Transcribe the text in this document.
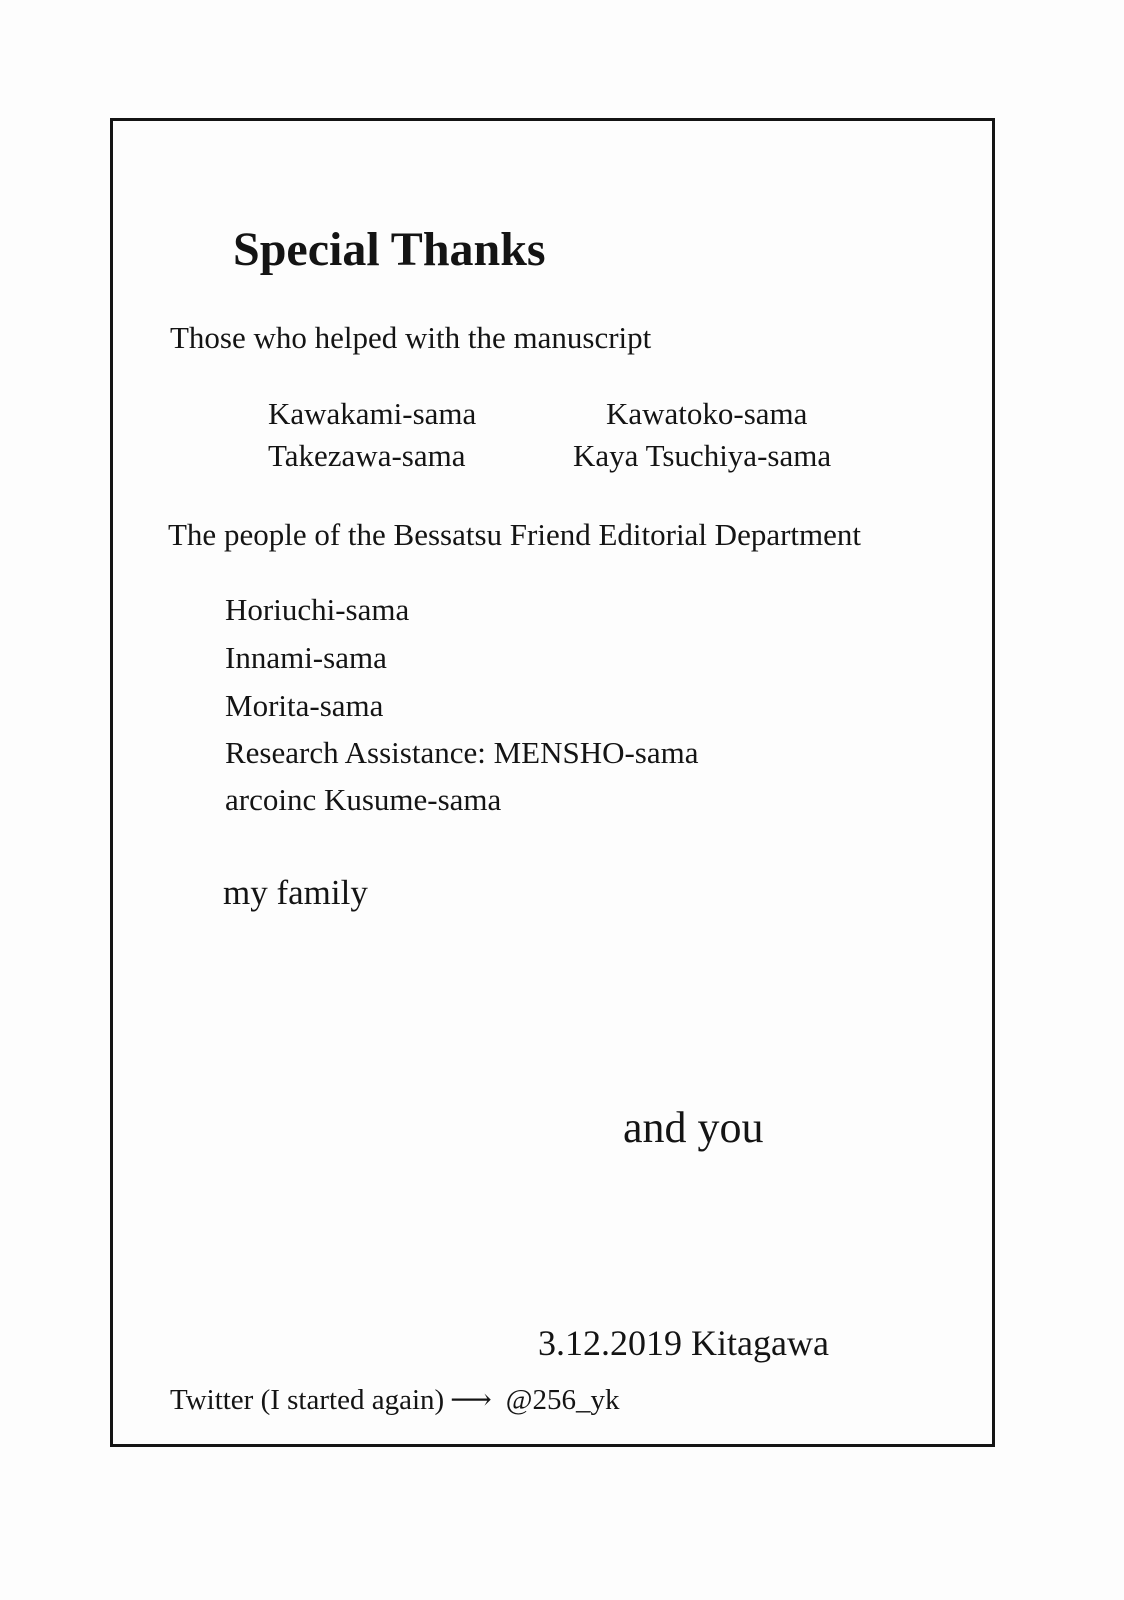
Special Thanks
Those who helped with the manuscript
Kawakami-sama	Kawatoko-sama
Takezawa-sama	Kaya Tsuchiya-sama
The people of the Bessatsu Friend Editorial Department
Horiuchi-sama
Innami-sama
Morita-sama
Research Assistance: MENSHO-sama
arcoinc Kusume-sama
my family
and you
3.12.2019 Kitagawa
Twitter (I started again) ⟶ @256_yk
